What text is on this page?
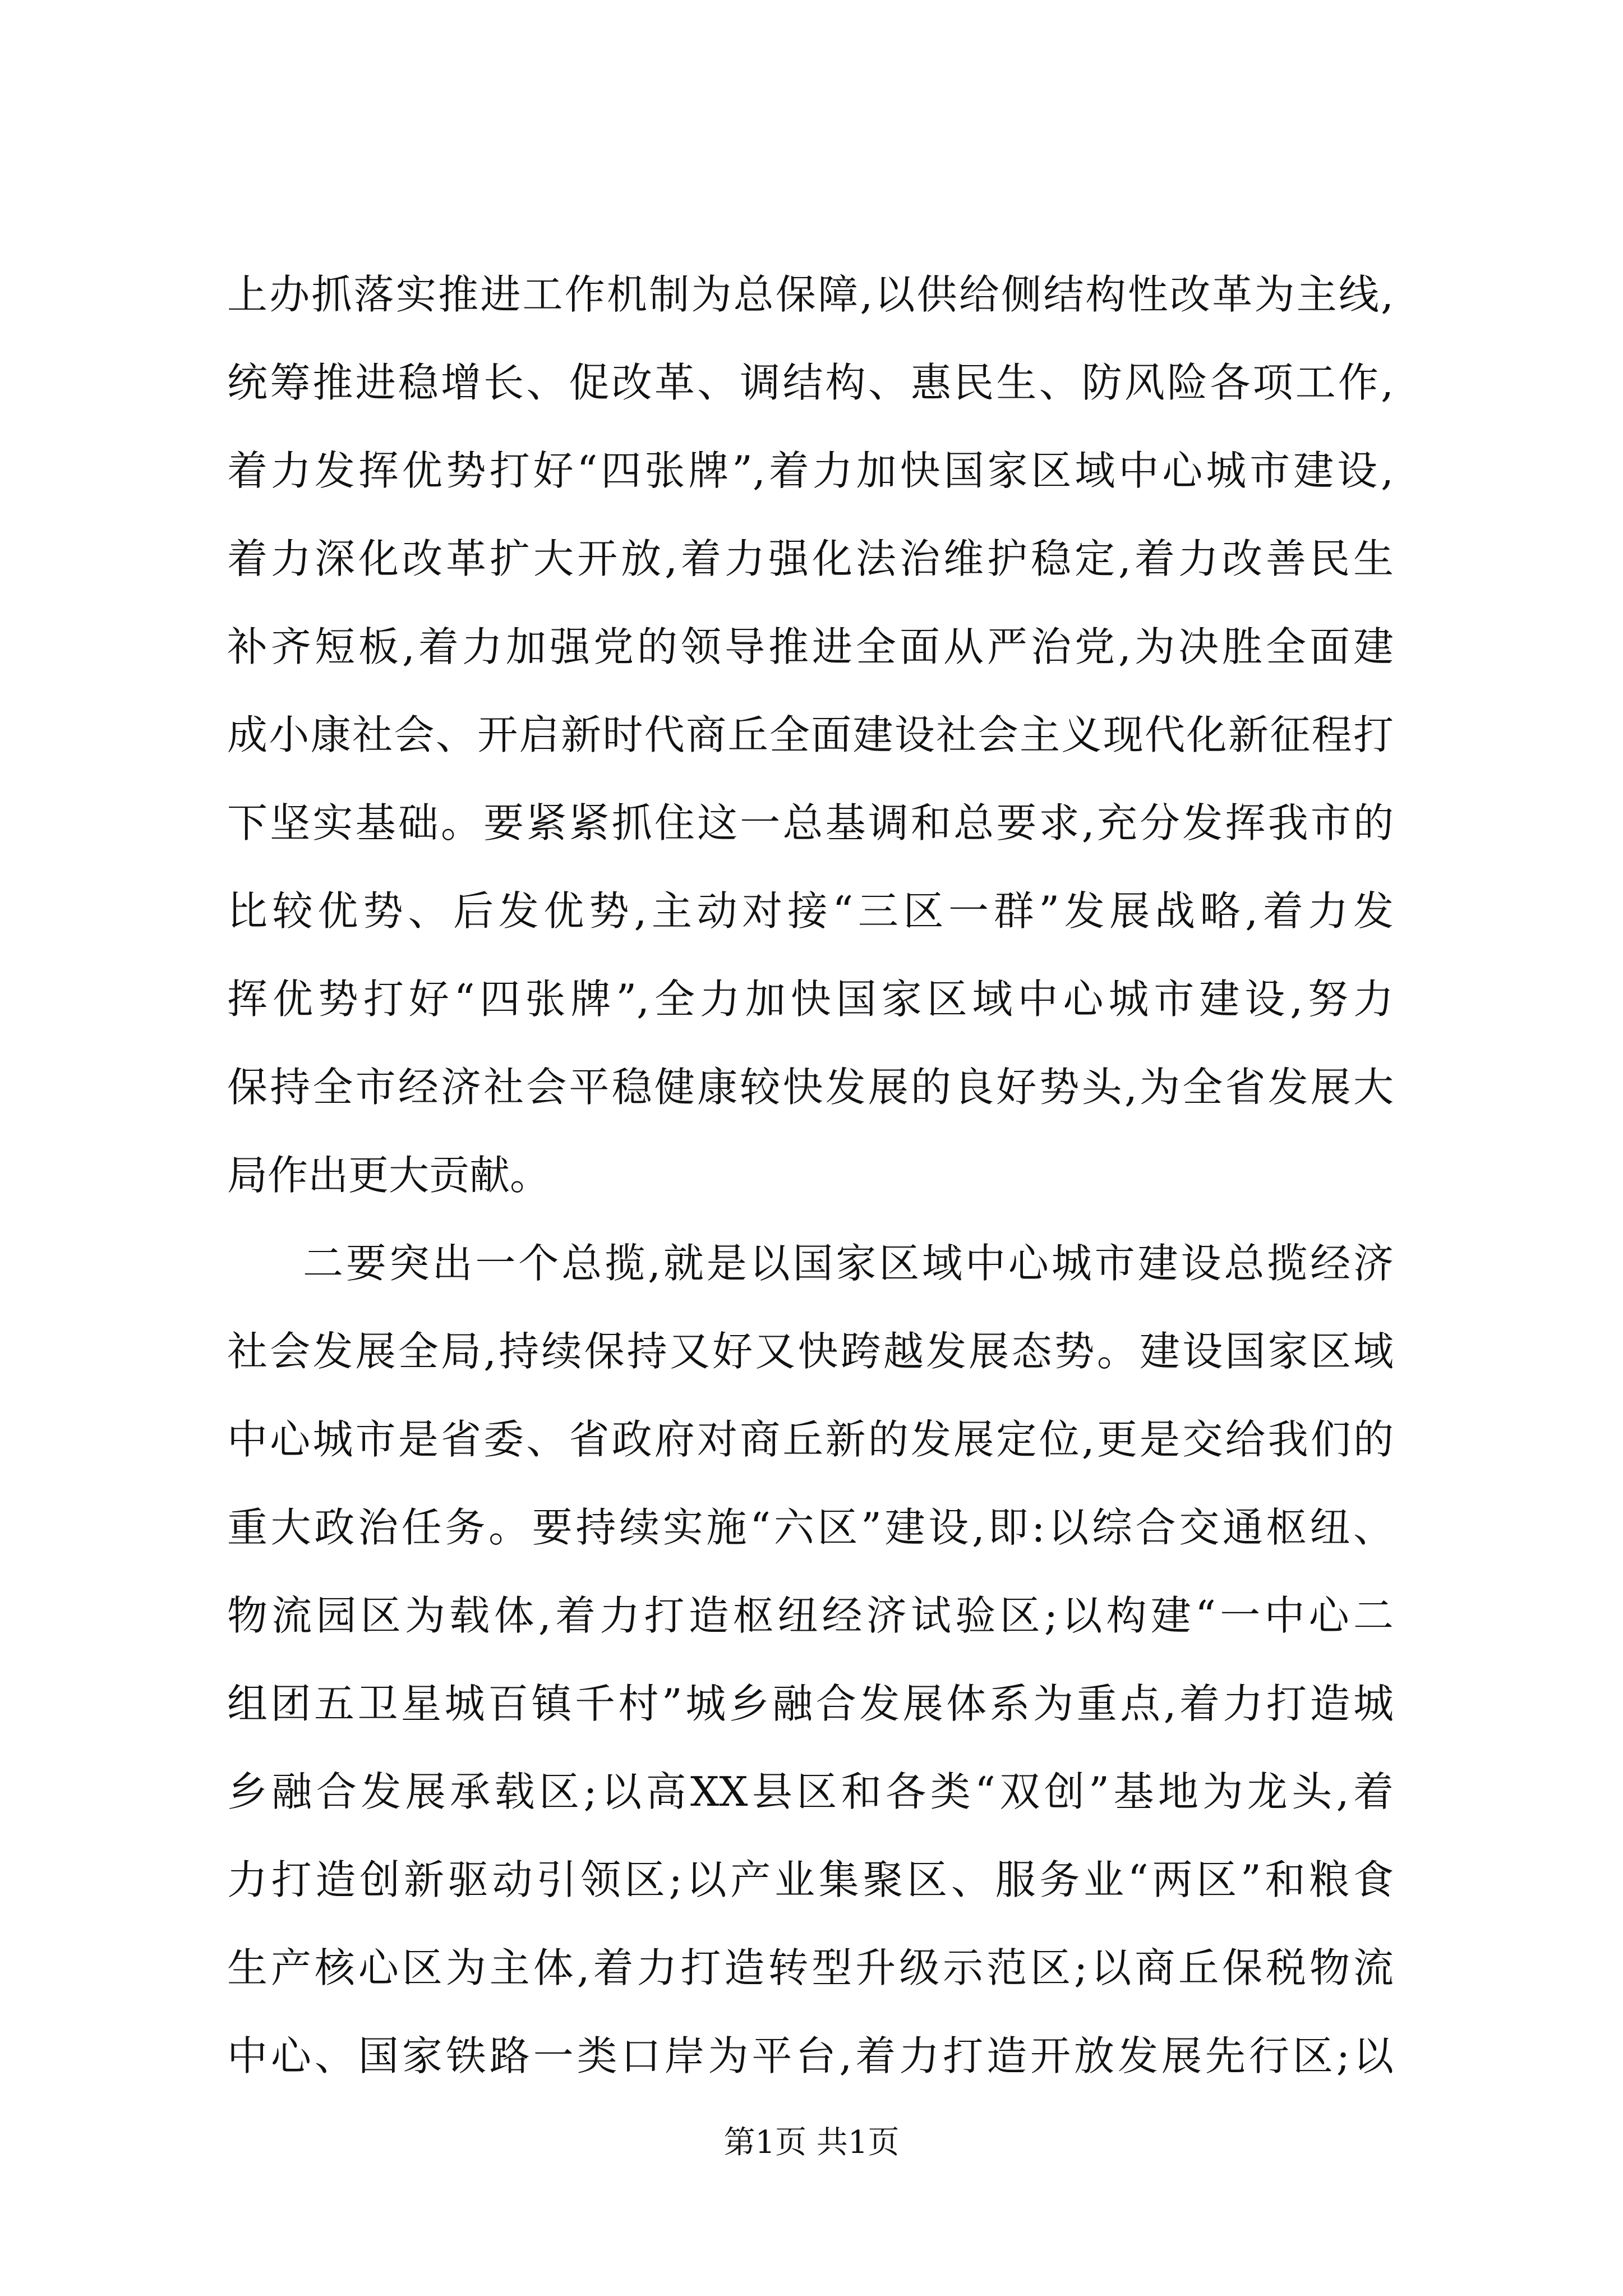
上办抓落实推进工作机制为总保障,以供给侧结构性改革为主线,
统筹推进稳增长、促改革、调结构、惠民生、防风险各项工作,
着力发挥优势打好“四张牌”,着力加快国家区域中心城市建设,
着力深化改革扩大开放,着力强化法治维护稳定,着力改善民生
补齐短板,着力加强党的领导推进全面从严治党,为决胜全面建
成小康社会、开启新时代商丘全面建设社会主义现代化新征程打
下坚实基础。要紧紧抓住这一总基调和总要求,充分发挥我市的
比较优势、后发优势,主动对接“三区一群”发展战略,着力发
挥优势打好“四张牌”,全力加快国家区域中心城市建设,努力
保持全市经济社会平稳健康较快发展的良好势头,为全省发展大
局作出更大贡献。
二要突出一个总揽,就是以国家区域中心城市建设总揽经济
社会发展全局,持续保持又好又快跨越发展态势。建设国家区域
中心城市是省委、省政府对商丘新的发展定位,更是交给我们的
重大政治任务。要持续实施“六区”建设,即:以综合交通枢纽、
物流园区为载体,着力打造枢纽经济试验区;以构建“一中心二
组团五卫星城百镇千村”城乡融合发展体系为重点,着力打造城
乡融合发展承载区;以高XX县区和各类“双创”基地为龙头,着
力打造创新驱动引领区;以产业集聚区、服务业“两区”和粮食
生产核心区为主体,着力打造转型升级示范区;以商丘保税物流
中心、国家铁路一类口岸为平台,着力打造开放发展先行区;以
第1页 共1页
